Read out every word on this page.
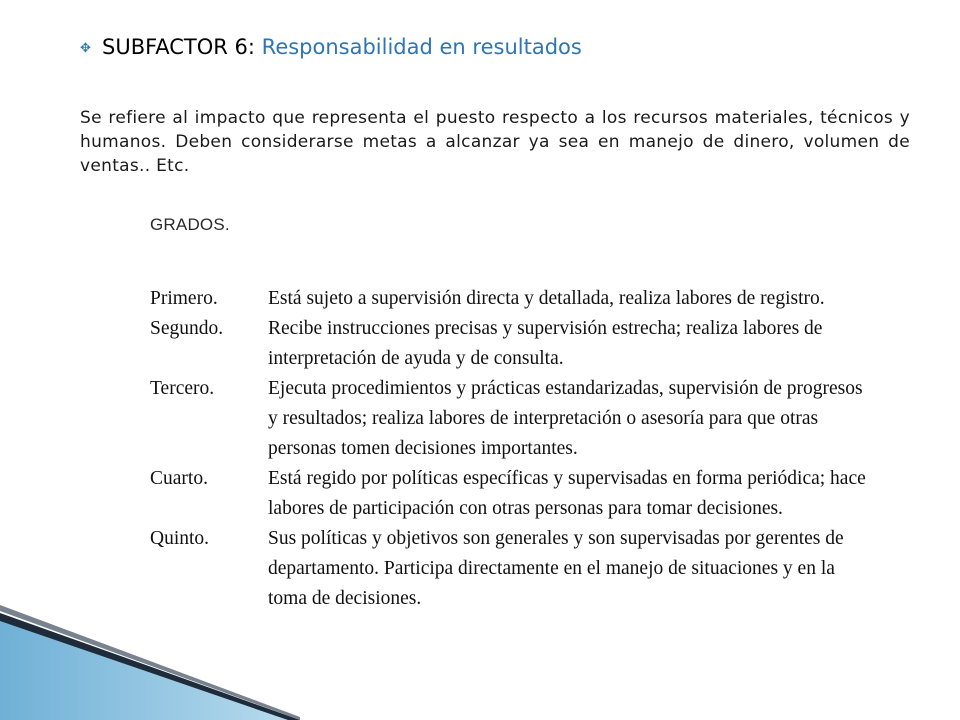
✥ SUBFACTOR 6: Responsabilidad en resultados

Se refiere al impacto que representa el puesto respecto a los recursos materiales, técnicos y humanos. Deben considerarse metas a alcanzar ya sea en manejo de dinero, volumen de ventas.. Etc.

GRADOS.
Primero.	Está sujeto a supervisión directa y detallada, realiza labores de registro.
Segundo.	Recibe instrucciones precisas y supervisión estrecha; realiza labores de
interpretación de ayuda y de consulta.
Tercero.	Ejecuta procedimientos y prácticas estandarizadas, supervisión de progresos
y resultados; realiza labores de interpretación o asesoría para que otras
personas tomen decisiones importantes.
Cuarto.	Está regido por políticas específicas y supervisadas en forma periódica; hace
labores de participación con otras personas para tomar decisiones.
Quinto.	Sus políticas y objetivos son generales y son supervisadas por gerentes de
departamento. Participa directamente en el manejo de situaciones y en la
toma de decisiones.
